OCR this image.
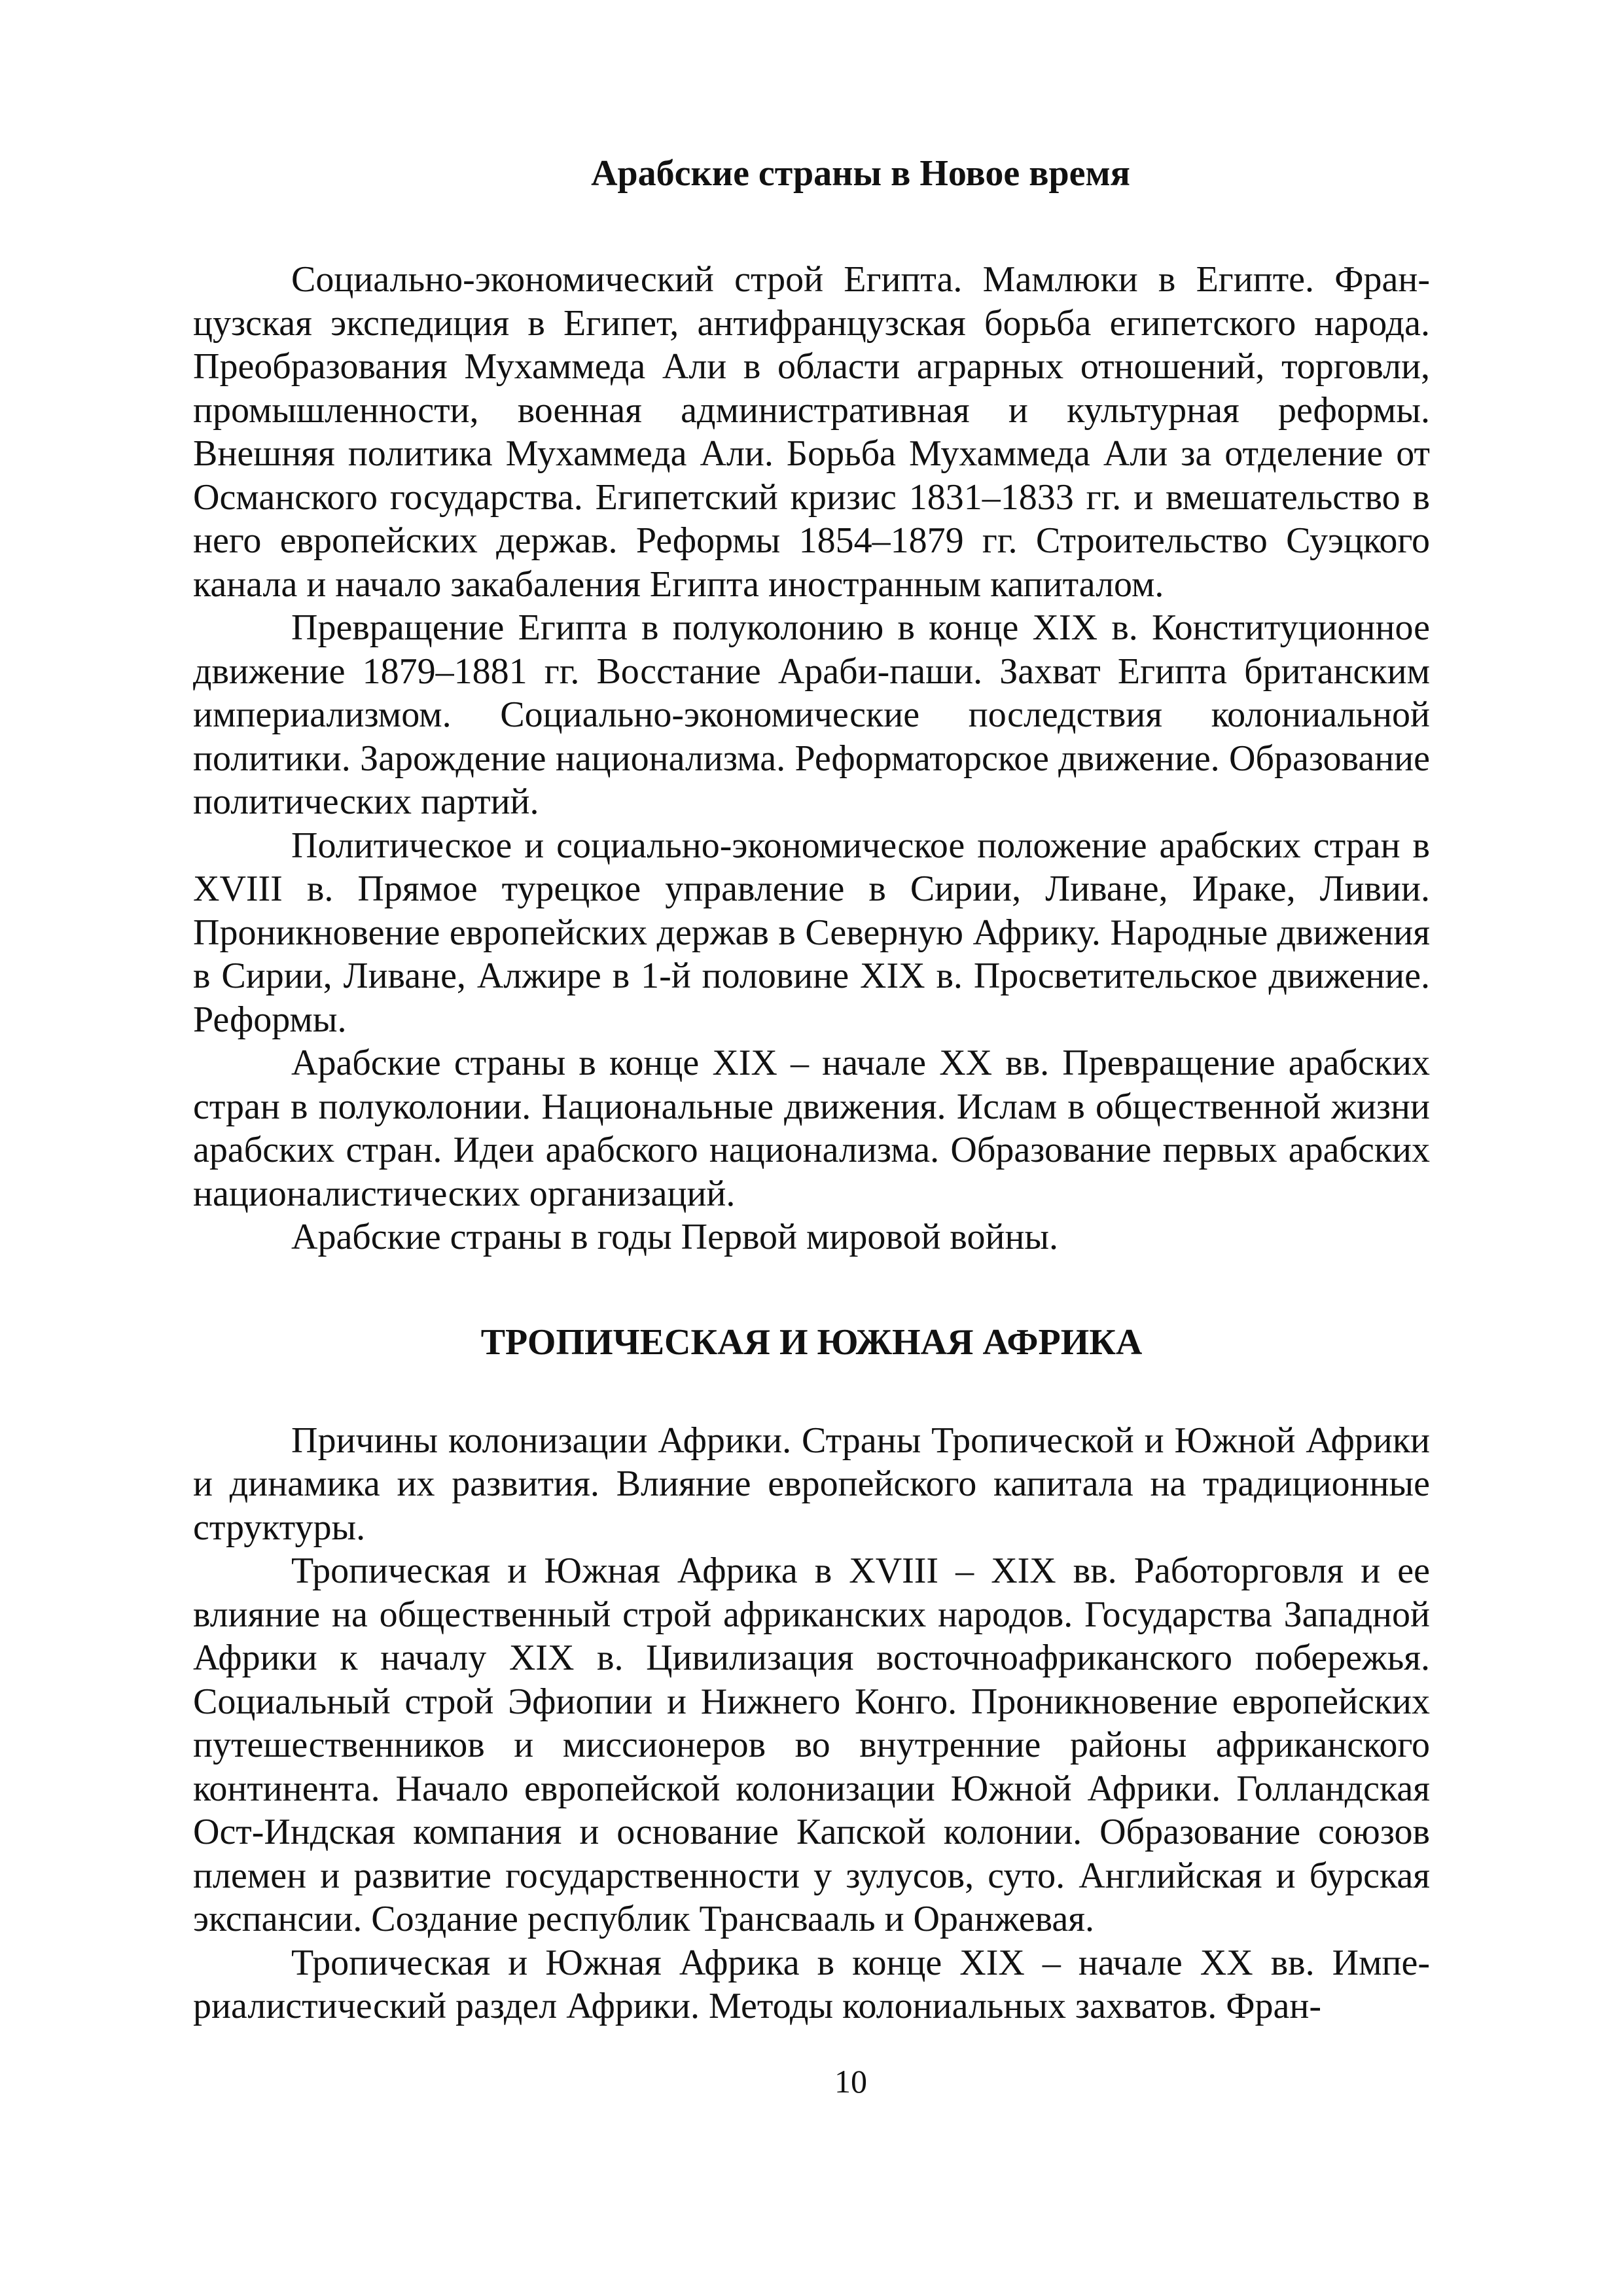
Арабские страны в Новое время

Социально-экономический строй Египта. Мамлюки в Египте. Французская экспедиция в Египет, антифранцузская борьба египетского народа. Преобразования Мухаммеда Али в области аграрных отношений, торговли, промышленности, военная административная и культурная реформы. Внешняя политика Мухаммеда Али. Борьба Мухаммеда Али за отделение от Османского государства. Египетский кризис 1831–1833 гг. и вмешательство в него европейских держав. Реформы 1854–1879 гг. Строительство Суэцкого канала и начало закабаления Египта иностранным капиталом.

Превращение Египта в полуколонию в конце XIX в. Конституционное движение 1879–1881 гг. Восстание Араби-паши. Захват Египта британским империализмом. Социально-экономические последствия колониальной политики. Зарождение национализма. Реформаторское движение. Образование политических партий.

Политическое и социально-экономическое положение арабских стран в XVIII в. Прямое турецкое управление в Сирии, Ливане, Ираке, Ливии. Проникновение европейских держав в Северную Африку. Народные движения в Сирии, Ливане, Алжире в 1-й половине XIX в. Просветительское движение. Реформы.

Арабские страны в конце XIX – начале XX вв. Превращение арабских стран в полуколонии. Национальные движения. Ислам в общественной жизни арабских стран. Идеи арабского национализма. Образование первых арабских националистических организаций.

Арабские страны в годы Первой мировой войны.

ТРОПИЧЕСКАЯ И ЮЖНАЯ АФРИКА

Причины колонизации Африки. Страны Тропической и Южной Африки и динамика их развития. Влияние европейского капитала на традиционные структуры.

Тропическая и Южная Африка в XVIII – XIX вв. Работорговля и ее влияние на общественный строй африканских народов. Государства Западной Африки к началу XIX в. Цивилизация восточноафриканского побережья. Социальный строй Эфиопии и Нижнего Конго. Проникновение европейских путешественников и миссионеров во внутренние районы африканского континента. Начало европейской колонизации Южной Африки. Голландская Ост-Индская компания и основание Капской колонии. Образование союзов племен и развитие государственности у зулусов, суто. Английская и бурская экспансии. Создание республик Трансвааль и Оранжевая.

Тропическая и Южная Африка в конце XIX – начале XX вв. Империалистический раздел Африки. Методы колониальных захватов. Фран-

10
